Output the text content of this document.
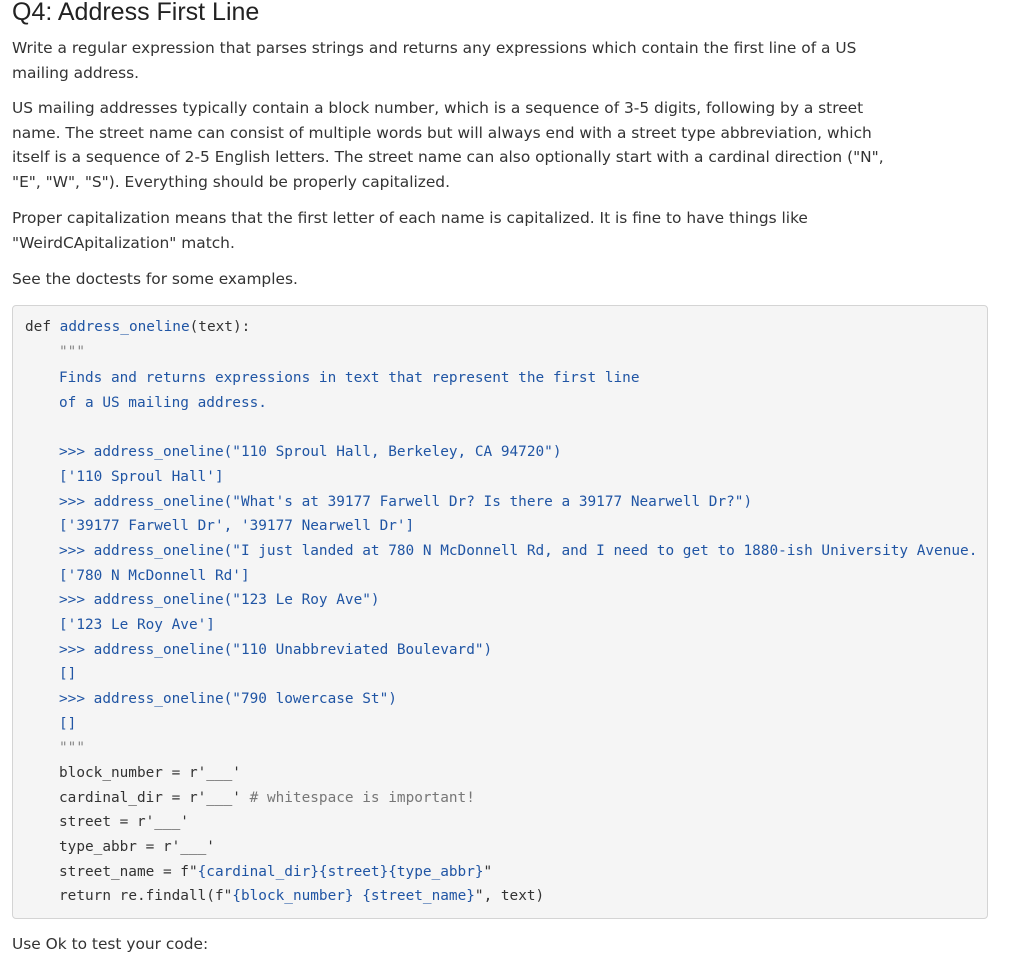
Q4: Address First Line

Write a regular expression that parses strings and returns any expressions which contain the first line of a US
mailing address.

US mailing addresses typically contain a block number, which is a sequence of 3-5 digits, following by a street
name. The street name can consist of multiple words but will always end with a street type abbreviation, which
itself is a sequence of 2-5 English letters. The street name can also optionally start with a cardinal direction ("N",
"E", "W", "S"). Everything should be properly capitalized.

Proper capitalization means that the first letter of each name is capitalized. It is fine to have things like
"WeirdCApitalization" match.

See the doctests for some examples.

def address_oneline(text):
"""
Finds and returns expressions in text that represent the first line
of a US mailing address.
>>> address_oneline("110 Sproul Hall, Berkeley, CA 94720")
['110 Sproul Hall']
>>> address_oneline("What's at 39177 Farwell Dr? Is there a 39177 Nearwell Dr?")
['39177 Farwell Dr', '39177 Nearwell Dr']
>>> address_oneline("I just landed at 780 N McDonnell Rd, and I need to get to 1880-ish University Avenue.
['780 N McDonnell Rd']
>>> address_oneline("123 Le Roy Ave")
['123 Le Roy Ave']
>>> address_oneline("110 Unabbreviated Boulevard")
[]
>>> address_oneline("790 lowercase St")
[]
"""
block_number = r'___'
cardinal_dir = r'___' # whitespace is important!
street = r'___'
type_abbr = r'___'
street_name = f"{cardinal_dir}{street}{type_abbr}"
return re.findall(f"{block_number} {street_name}", text)

Use Ok to test your code:
